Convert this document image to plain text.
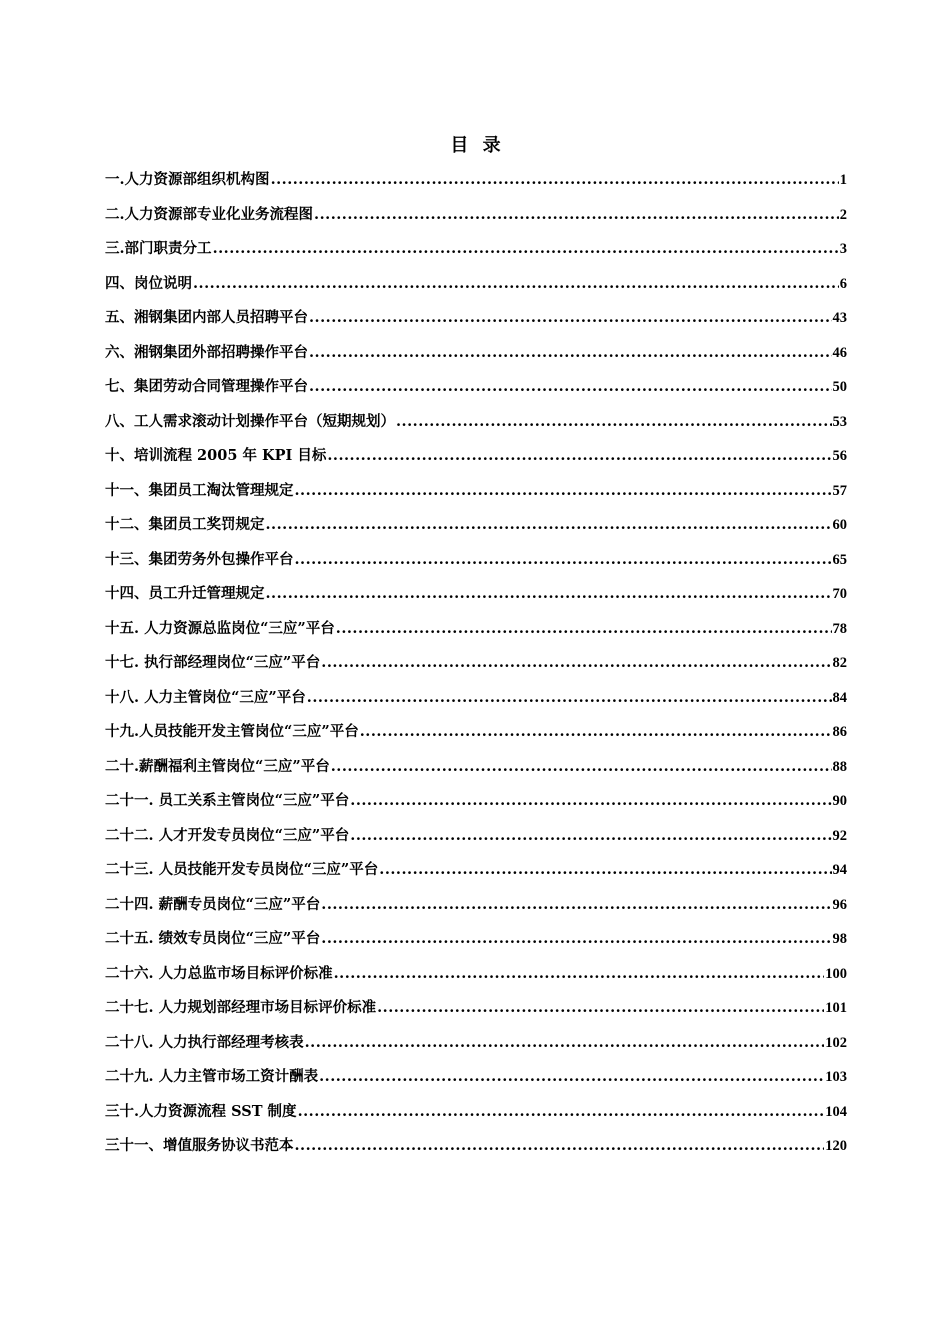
目 录
一.人力资源部组织机构图 .....	1
二.人力资源部专业化业务流程图 .....	2
三.部门职责分工 .....	3
四、岗位说明 .....	6
五、湘钢集团内部人员招聘平台 .....	43
六、湘钢集团外部招聘操作平台 .....	46
七、集团劳动合同管理操作平台 .....	50
八、工人需求滚动计划操作平台（短期规划） .....	53
十、培训流程 2005 年 KPI 目标 .....	56
十一、集团员工淘汰管理规定 .....	57
十二、集团员工奖罚规定 .....	60
十三、集团劳务外包操作平台 .....	65
十四、员工升迁管理规定 .....	70
十五. 人力资源总监岗位“三应”平台 .....	78
十七. 执行部经理岗位“三应”平台 .....	82
十八. 人力主管岗位“三应”平台 .....	84
十九.人员技能开发主管岗位“三应”平台 .....	86
二十.薪酬福利主管岗位“三应”平台 .....	88
二十一. 员工关系主管岗位“三应”平台 .....	90
二十二. 人才开发专员岗位“三应”平台 .....	92
二十三. 人员技能开发专员岗位“三应”平台 .....	94
二十四. 薪酬专员岗位“三应”平台 .....	96
二十五. 绩效专员岗位“三应”平台 .....	98
二十六. 人力总监市场目标评价标准 .....	100
二十七. 人力规划部经理市场目标评价标准 .....	101
二十八. 人力执行部经理考核表 .....	102
二十九. 人力主管市场工资计酬表 .....	103
三十.人力资源流程 SST 制度 .....	104
三十一、增值服务协议书范本 .....	120
